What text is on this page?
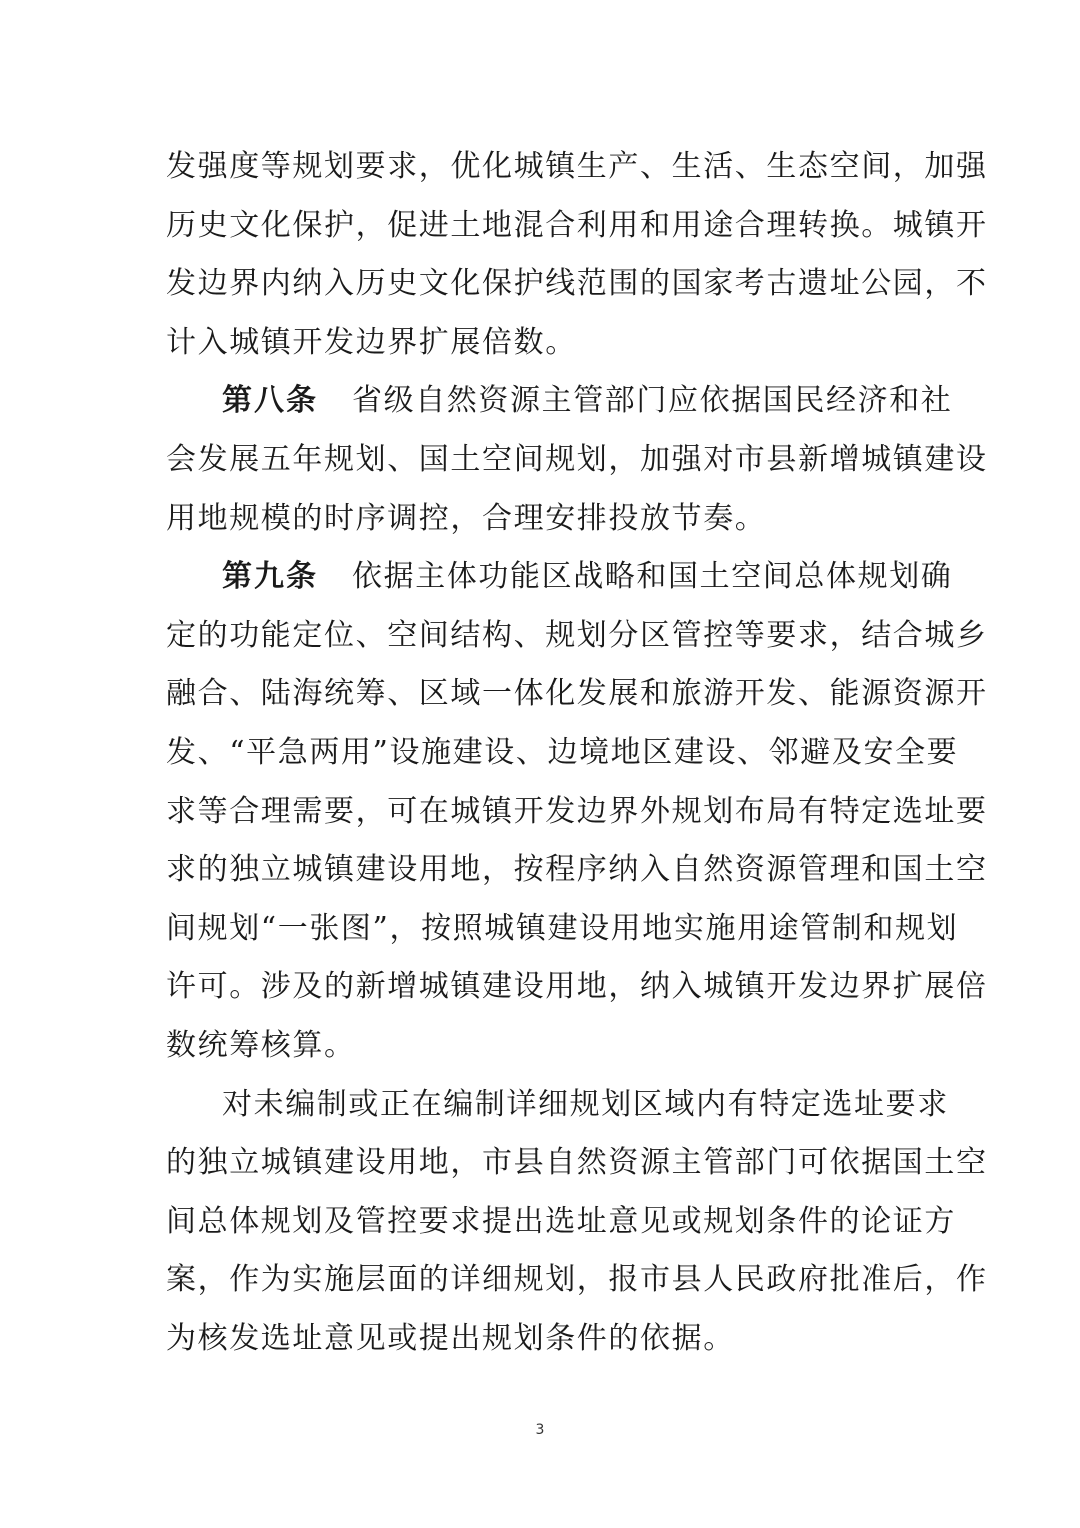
发强度等规划要求，优化城镇生产、生活、生态空间，加强
历史文化保护，促进土地混合利用和用途合理转换。城镇开
发边界内纳入历史文化保护线范围的国家考古遗址公园，不
计入城镇开发边界扩展倍数。
第八条 省级自然资源主管部门应依据国民经济和社
会发展五年规划、国土空间规划，加强对市县新增城镇建设
用地规模的时序调控，合理安排投放节奏。
第九条 依据主体功能区战略和国土空间总体规划确
定的功能定位、空间结构、规划分区管控等要求，结合城乡
融合、陆海统筹、区域一体化发展和旅游开发、能源资源开
发、“平急两用”设施建设、边境地区建设、邻避及安全要
求等合理需要，可在城镇开发边界外规划布局有特定选址要
求的独立城镇建设用地，按程序纳入自然资源管理和国土空
间规划“一张图”，按照城镇建设用地实施用途管制和规划
许可。涉及的新增城镇建设用地，纳入城镇开发边界扩展倍
数统筹核算。
对未编制或正在编制详细规划区域内有特定选址要求
的独立城镇建设用地，市县自然资源主管部门可依据国土空
间总体规划及管控要求提出选址意见或规划条件的论证方
案，作为实施层面的详细规划，报市县人民政府批准后，作
为核发选址意见或提出规划条件的依据。
3
